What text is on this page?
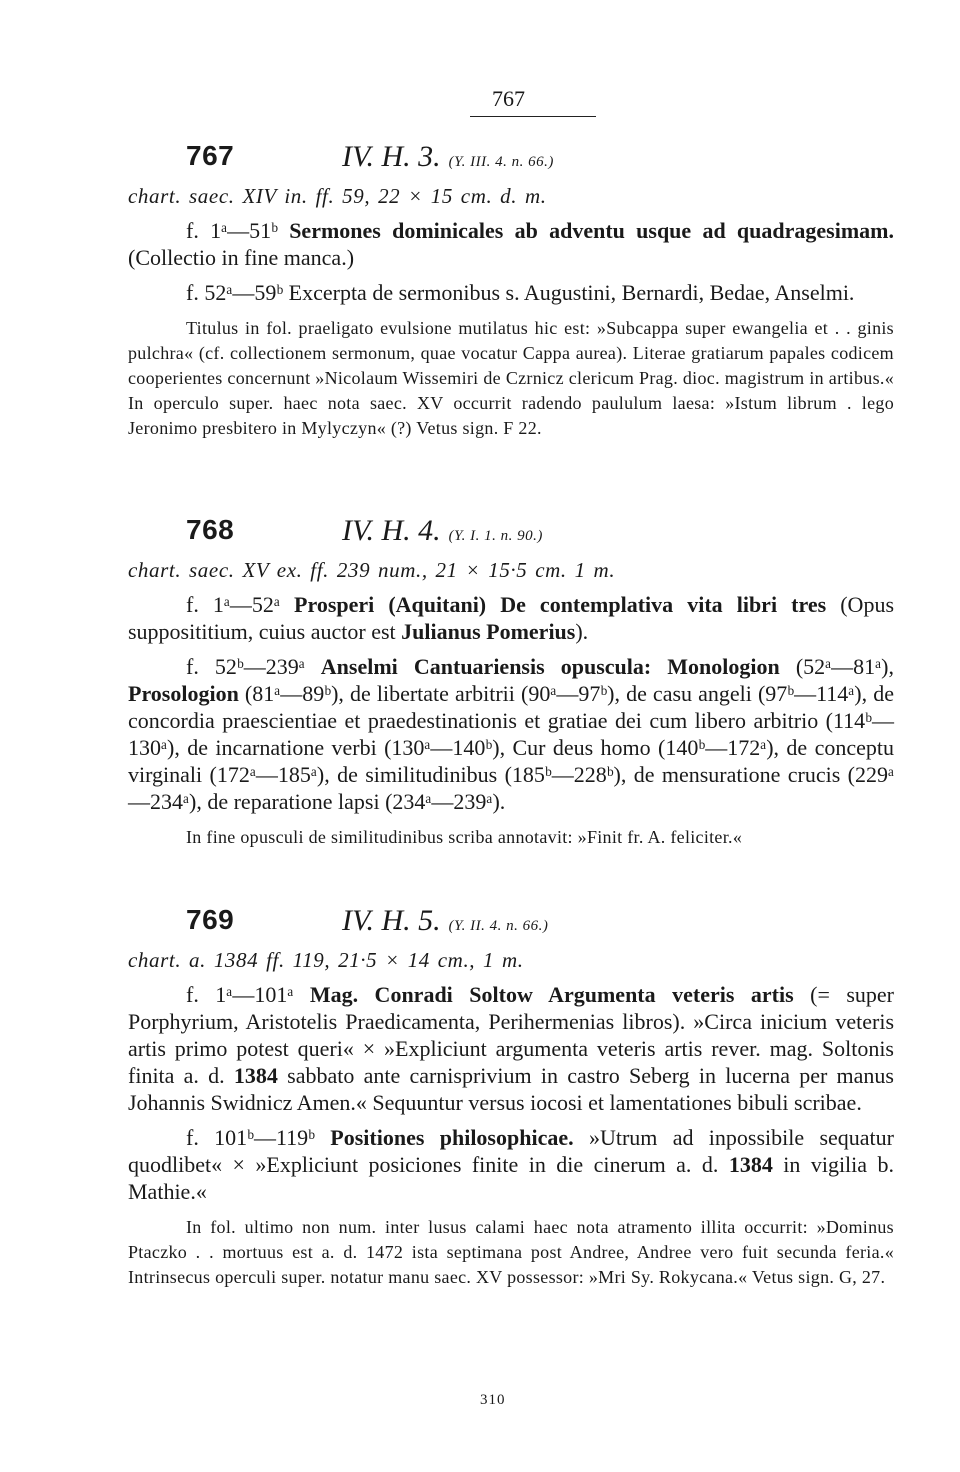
767
767	IV. H. 3. (Y. III. 4. n. 66.)
chart. saec. XIV in. ff. 59, 22 × 15 cm. d. m.

f. 1ᵃ—51ᵇ Sermones dominicales ab adventu usque ad quadragesimam. (Collectio in fine manca.)

f. 52ᵃ—59ᵇ Excerpta de sermonibus s. Augustini, Bernardi, Bedae, Anselmi.

Titulus in fol. praeligato evulsione mutilatus hic est: »Subcappa super ewangelia et . . ginis pulchra« (cf. collectionem sermonum, quae vocatur Cappa aurea). Literae gratiarum papales codicem cooperientes concernunt »Nicolaum Wissemiri de Czrnicz clericum Prag. dioc. magistrum in artibus.« In operculo super. haec nota saec. XV occurrit radendo paululum laesa: »Istum librum . lego Jeronimo presbitero in Mylyczyn« (?) Vetus sign. F 22.

768	IV. H. 4. (Y. I. 1. n. 90.)
chart. saec. XV ex. ff. 239 num., 21 × 15·5 cm. 1 m.

f. 1ᵃ—52ᵃ Prosperi (Aquitani) De contemplativa vita libri tres (Opus supposititium, cuius auctor est Julianus Pomerius).

f. 52ᵇ—239ᵃ Anselmi Cantuariensis opuscula: Monologion (52ᵃ—81ᵃ), Prosologion (81ᵃ—89ᵇ), de libertate arbitrii (90ᵃ—97ᵇ), de casu angeli (97ᵇ—114ᵃ), de concordia praescientiae et praedestinationis et gratiae dei cum libero arbitrio (114ᵇ—130ᵃ), de incarnatione verbi (130ᵃ—140ᵇ), Cur deus homo (140ᵇ—172ᵃ), de conceptu virginali (172ᵃ—185ᵃ), de similitudinibus (185ᵇ—228ᵇ), de mensuratione crucis (229ᵃ—234ᵃ), de reparatione lapsi (234ᵃ—239ᵃ).

In fine opusculi de similitudinibus scriba annotavit: »Finit fr. A. feliciter.«

769	IV. H. 5. (Y. II. 4. n. 66.)
chart. a. 1384 ff. 119, 21·5 × 14 cm., 1 m.

f. 1ᵃ—101ᵃ Mag. Conradi Soltow Argumenta veteris artis (= super Porphyrium, Aristotelis Praedicamenta, Perihermenias libros). »Circa inicium veteris artis primo potest queri« × »Expliciunt argumenta veteris artis rever. mag. Soltonis finita a. d. 1384 sabbato ante carnisprivium in castro Seberg in lucerna per manus Johannis Swidnicz Amen.« Sequuntur versus iocosi et lamentationes bibuli scribae.

f. 101ᵇ—119ᵇ Positiones philosophicae. »Utrum ad inpossibile sequatur quodlibet« × »Expliciunt posiciones finite in die cinerum a. d. 1384 in vigilia b. Mathie.«

In fol. ultimo non num. inter lusus calami haec nota atramento illita occurrit: »Dominus Ptaczko . . mortuus est a. d. 1472 ista septimana post Andree, Andree vero fuit secunda feria.« Intrinsecus operculi super. notatur manu saec. XV possessor: »Mri Sy. Rokycana.« Vetus sign. G, 27.

310
